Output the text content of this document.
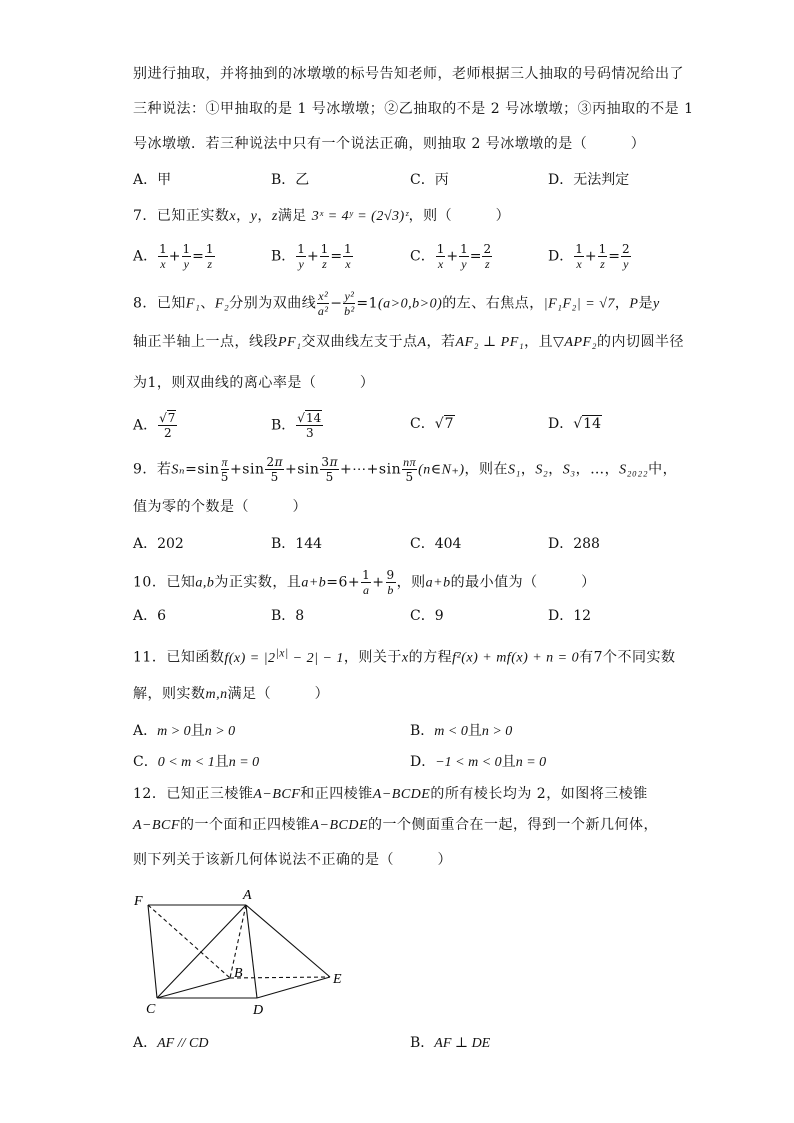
别进行抽取，并将抽到的冰墩墩的标号告知老师，老师根据三人抽取的号码情况给出了
三种说法：①甲抽取的是 1 号冰墩墩；②乙抽取的不是 2 号冰墩墩；③丙抽取的不是 1
号冰墩墩．若三种说法中只有一个说法正确，则抽取 2 号冰墩墩的是（　　　）
A．甲	B．乙	C．丙	D．无法判定
7．已知正实数x，y，z满足 3ˣ = 4ʸ = (2√3)ᶻ，则（　　　）
A． $\frac{1}{x} + \frac{1}{y} = \frac{1}{z}$	B． $\frac{1}{y} + \frac{1}{z} = \frac{1}{x}$	C． $\frac{1}{x} + \frac{1}{y} = \frac{2}{z}$	D． $\frac{1}{x} + \frac{1}{z} = \frac{2}{y}$
8．已知F₁、F₂分别为双曲线 $\frac{\text{x²}}{\text{a²}} - \frac{\text{y²}}{\text{b²}} =1(a>0,b>0)$的左、右焦点，|F₁F₂| = √7，P是y
轴正半轴上一点，线段PF₁交双曲线左支于点A，若AF₂ ⊥ PF₁，且▽APF₂的内切圆半径
为1，则双曲线的离心率是（　　　）
A． $\frac{√7}{2}$	B． $\frac{√14}{3}$	C．√7	D．√14
9．若$S_n=\sin \frac{\pi}{5} +\sin \frac{2\pi}{5} +\sin \frac{3\pi}{5}$ +⋯+sin $\frac{n\pi}{5}$ (n∈N₊)，则在S₁，S₂，S₃，…，S₂₀₂₂中，
值为零的个数是（　　　）
A．202	B．144	C．404	D．288
10．已知a,b为正实数，且$a+b=6+ \frac{1}{a} + \frac{9}{b}$ ，则a+b的最小值为（　　　）
A．6	B．8	C．9	D．12
11．已知函数$f(x) = |2^{|x|} - 2| - 1$，则关于x的方程f²(x) + mf(x) + n = 0有7个不同实数
解，则实数m,n满足（　　　）
A．m > 0且n > 0	B．m < 0且n > 0
C．0 < m < 1且n = 0	D．−1 < m < 0且n = 0
12．已知正三棱锥A−BCF和正四棱锥A−BCDE的所有棱长均为 2，如图将三棱锥
A−BCF的一个面和正四棱锥A−BCDE的一个侧面重合在一起，得到一个新几何体，
则下列关于该新几何体说法不正确的是（　　　）
F	A
B	E
C	D
A．AF // CD	B．AF ⊥ DE
